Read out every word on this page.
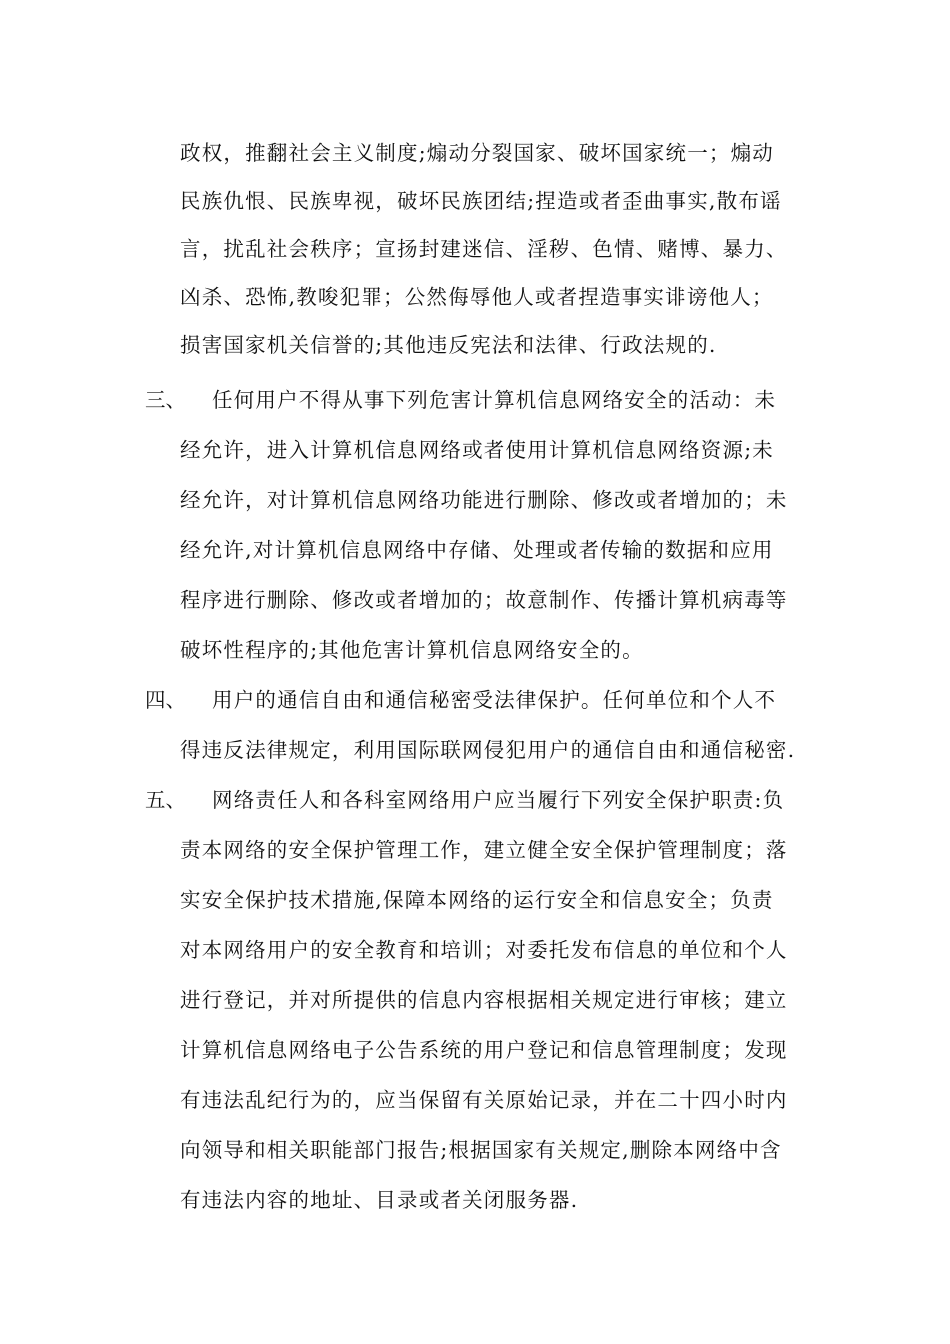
政权，推翻社会主义制度;煽动分裂国家、破坏国家统一；煽动
民族仇恨、民族卑视，破坏民族团结;捏造或者歪曲事实,散布谣
言，扰乱社会秩序；宣扬封建迷信、淫秽、色情、赌博、暴力、
凶杀、恐怖,教唆犯罪；公然侮辱他人或者捏造事实诽谤他人；
损害国家机关信誉的;其他违反宪法和法律、行政法规的.
三、 任何用户不得从事下列危害计算机信息网络安全的活动：未
经允许，进入计算机信息网络或者使用计算机信息网络资源;未
经允许，对计算机信息网络功能进行删除、修改或者增加的；未
经允许,对计算机信息网络中存储、处理或者传输的数据和应用
程序进行删除、修改或者增加的；故意制作、传播计算机病毒等
破坏性程序的;其他危害计算机信息网络安全的。
四、 用户的通信自由和通信秘密受法律保护。任何单位和个人不
得违反法律规定，利用国际联网侵犯用户的通信自由和通信秘密.
五、 网络责任人和各科室网络用户应当履行下列安全保护职责:负
责本网络的安全保护管理工作，建立健全安全保护管理制度；落
实安全保护技术措施,保障本网络的运行安全和信息安全；负责
对本网络用户的安全教育和培训；对委托发布信息的单位和个人
进行登记，并对所提供的信息内容根据相关规定进行审核；建立
计算机信息网络电子公告系统的用户登记和信息管理制度；发现
有违法乱纪行为的，应当保留有关原始记录，并在二十四小时内
向领导和相关职能部门报告;根据国家有关规定,删除本网络中含
有违法内容的地址、目录或者关闭服务器.
